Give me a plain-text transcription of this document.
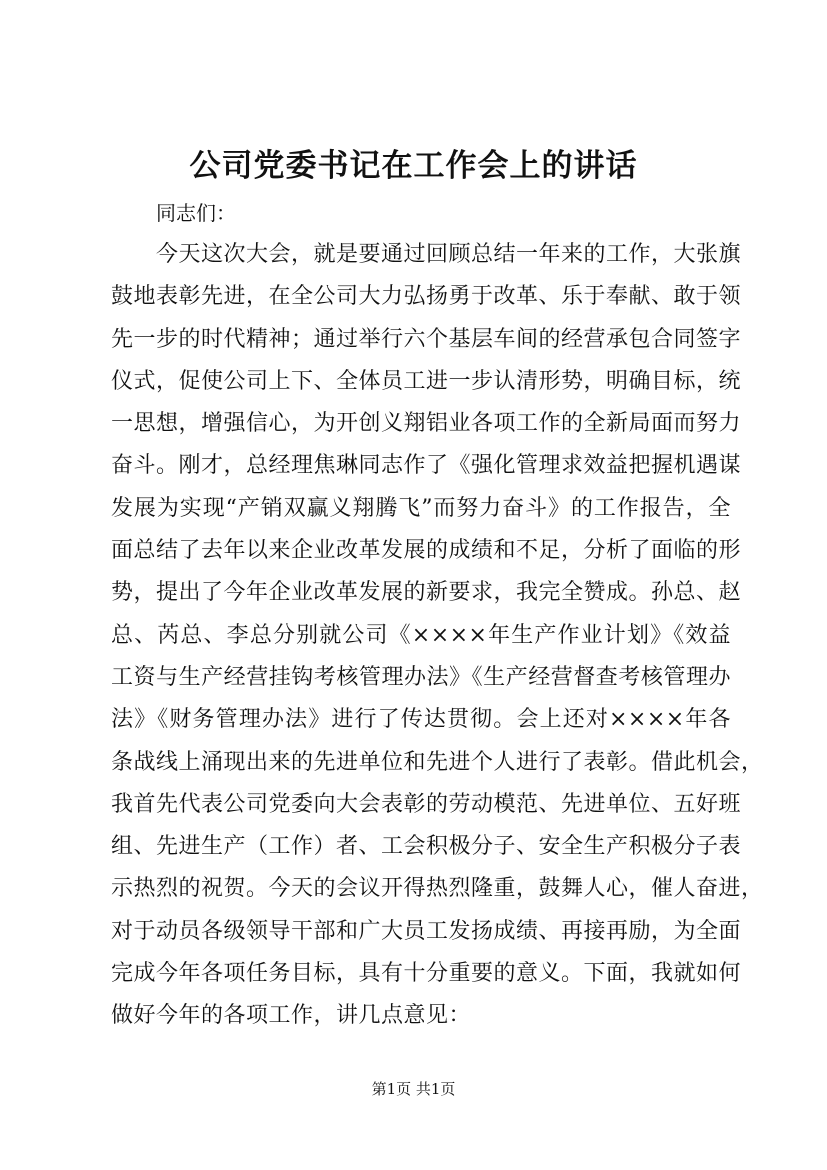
公司党委书记在工作会上的讲话

同志们：

今天这次大会，就是要通过回顾总结一年来的工作，大张旗
鼓地表彰先进，在全公司大力弘扬勇于改革、乐于奉献、敢于领
先一步的时代精神；通过举行六个基层车间的经营承包合同签字
仪式，促使公司上下、全体员工进一步认清形势，明确目标，统
一思想，增强信心，为开创义翔铝业各项工作的全新局面而努力
奋斗。刚才，总经理焦琳同志作了《强化管理求效益把握机遇谋
发展为实现“产销双赢义翔腾飞”而努力奋斗》的工作报告，全
面总结了去年以来企业改革发展的成绩和不足，分析了面临的形
势，提出了今年企业改革发展的新要求，我完全赞成。孙总、赵
总、芮总、李总分别就公司《××××年生产作业计划》《效益
工资与生产经营挂钩考核管理办法》《生产经营督查考核管理办
法》《财务管理办法》进行了传达贯彻。会上还对××××年各
条战线上涌现出来的先进单位和先进个人进行了表彰。借此机会，
我首先代表公司党委向大会表彰的劳动模范、先进单位、五好班
组、先进生产（工作）者、工会积极分子、安全生产积极分子表
示热烈的祝贺。今天的会议开得热烈隆重，鼓舞人心，催人奋进，
对于动员各级领导干部和广大员工发扬成绩、再接再励，为全面
完成今年各项任务目标，具有十分重要的意义。下面，我就如何
做好今年的各项工作，讲几点意见：
第1页 共1页
